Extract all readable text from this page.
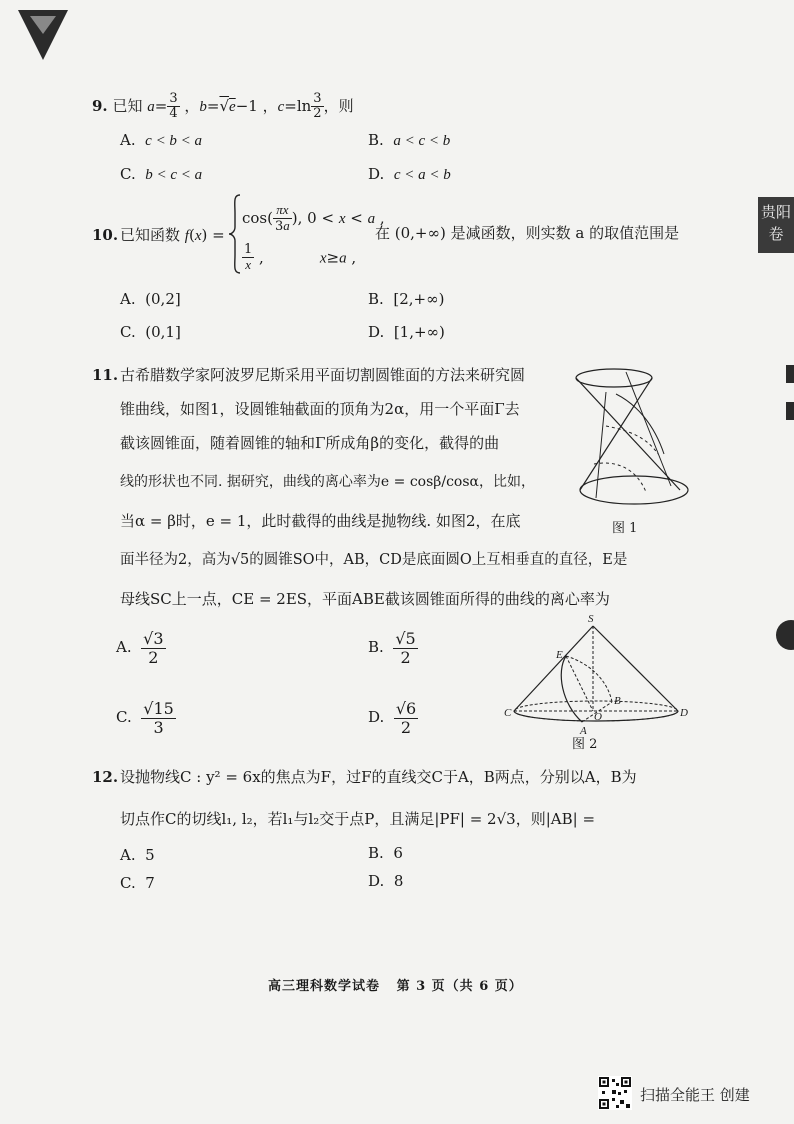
贵阳卷
9. 已知 $a= \frac{3}{4}$ ，b=√e−1 ，$c=\ln \frac{3}{2}$ ，则
A. c < b < a	B. a < c < b
C. b < c < a	D. c < a < b
10. 已知函数 f(x) =
$\cos( \frac{\pi x}{3a}$ ), 0 < x < a ,
$\frac{1}{x}$ ,	x≥a ,
在 (0,+∞) 是减函数，则实数 a 的取值范围是
A. (0,2]	B. [2,+∞)
C. (0,1]	D. [1,+∞)
11. 古希腊数学家阿波罗尼斯采用平面切割圆锥面的方法来研究圆
锥曲线，如图1，设圆锥轴截面的顶角为2α，用一个平面Γ去
截该圆锥面，随着圆锥的轴和Γ所成角β的变化，截得的曲
线的形状也不同. 据研究，曲线的离心率为e = cosβ/cosα，比如，
当α = β时，e = 1，此时截得的曲线是抛物线. 如图2，在底
面半径为2，高为√5的圆锥SO中，AB，CD是底面圆O上互相垂直的直径，E是
母线SC上一点，CE = 2ES，平面ABE截该圆锥面所得的曲线的离心率为
图 1
S
E
B
C	O
A
D
图 2
A. $\frac{√3}{2}$	B. $\frac{√5}{2}$
C. $\frac{√15}{3}$	D. $\frac{√6}{2}$
12. 设抛物线C : y² = 6x的焦点为F，过F的直线交C于A，B两点，分别以A，B为
切点作C的切线l₁, l₂，若l₁与l₂交于点P，且满足|PF| = 2√3，则|AB| =
A. 5	B. 6
C. 7	D. 8
高三理科数学试卷   第 3 页（共 6 页）
扫描全能王 创建
